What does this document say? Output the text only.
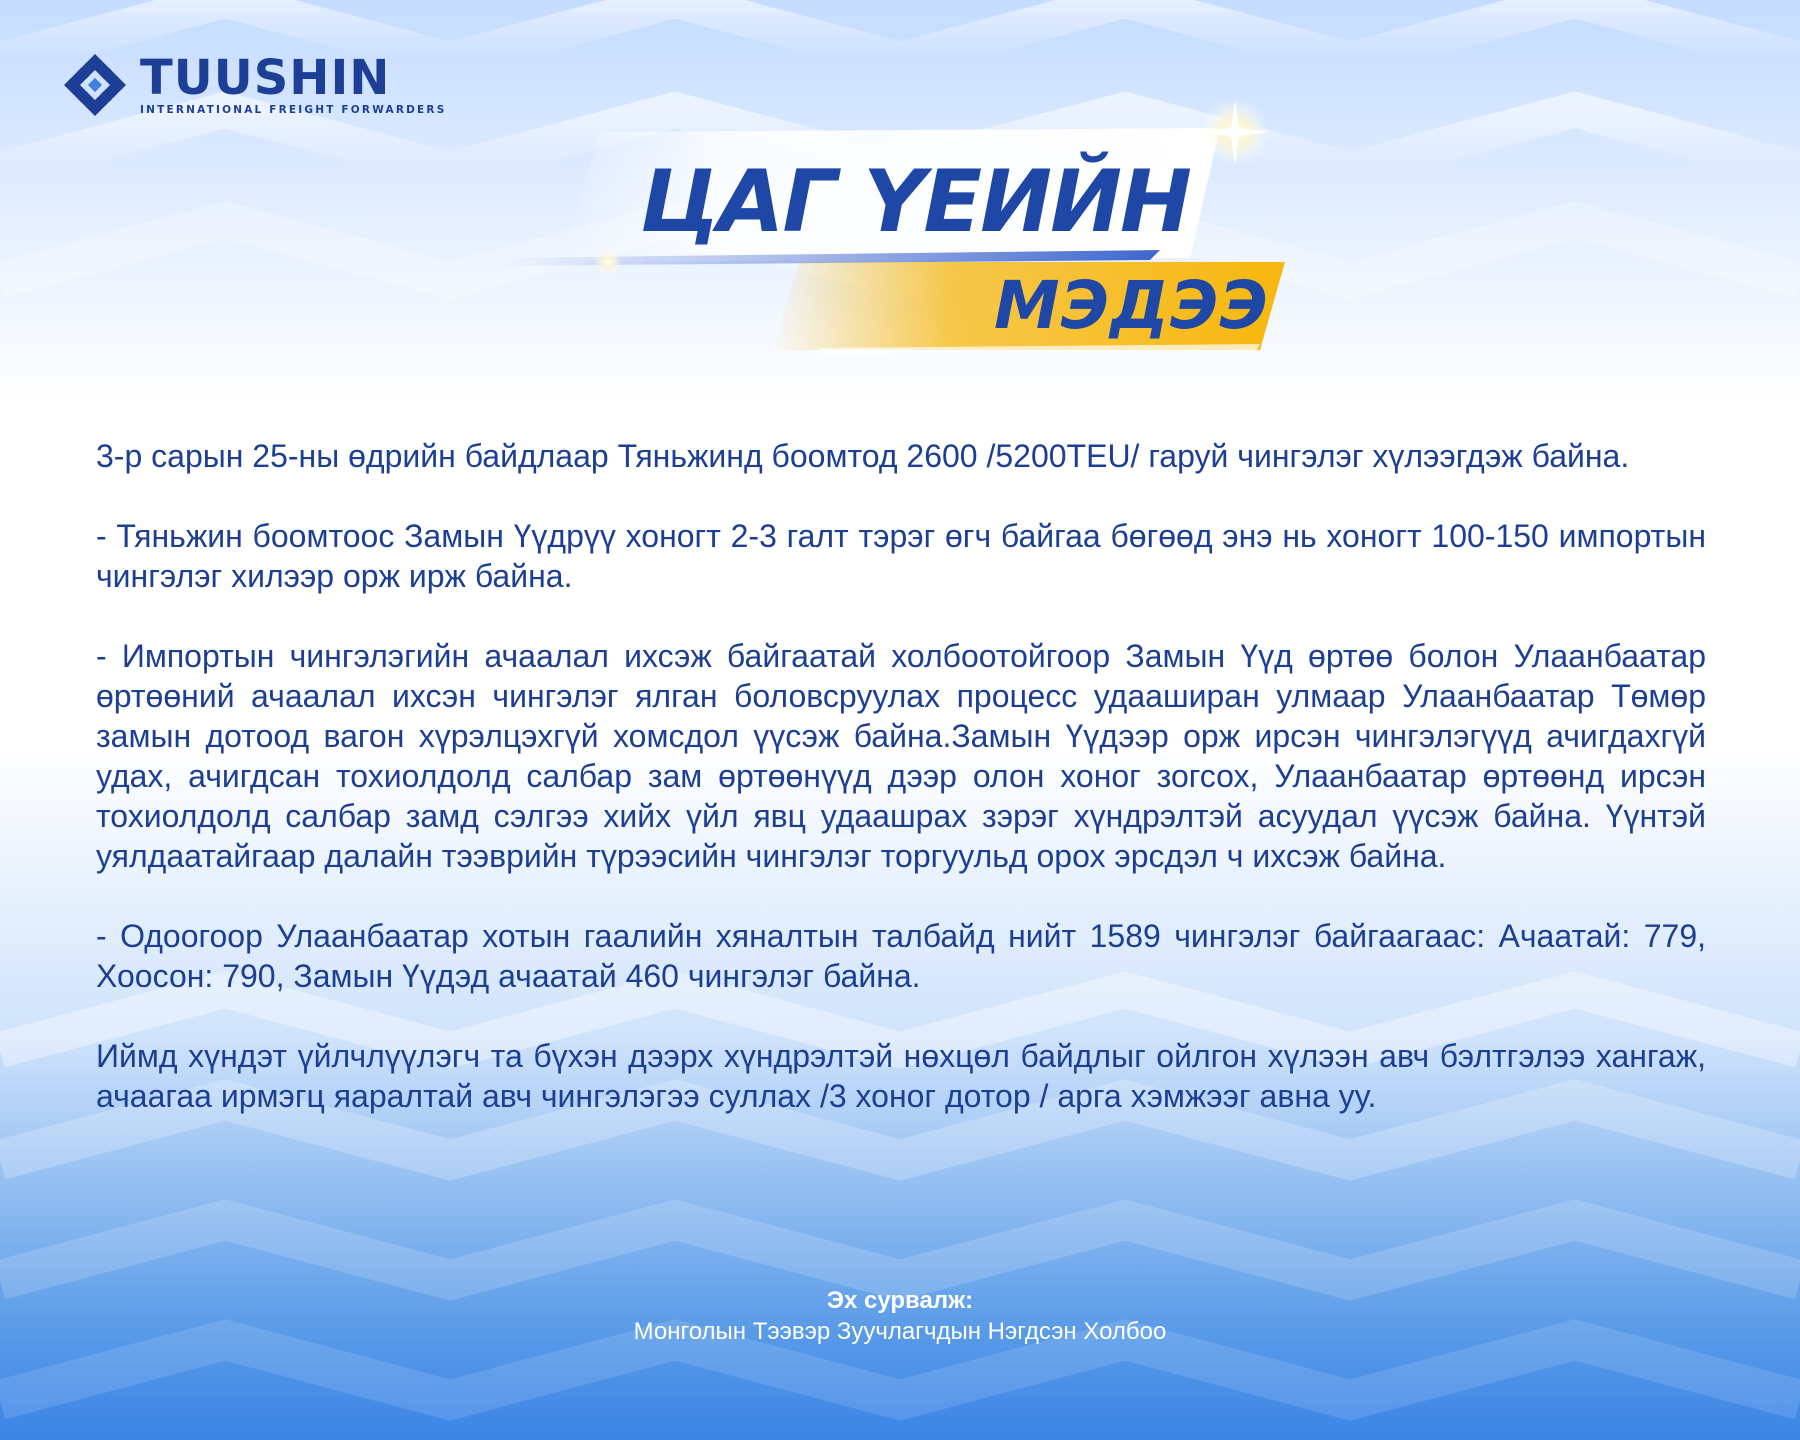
TUUSHIN
INTERNATIONAL FREIGHT FORWARDERS
ЦАГ ҮЕИЙН
МЭДЭЭ

3-р сарын 25-ны өдрийн байдлаар Тяньжинд боомтод 2600 /5200TEU/ гаруй чингэлэг хүлээгдэж байна.

- Тяньжин боомтоос Замын Үүдрүү хоногт 2-3 галт тэрэг өгч байгаа бөгөөд энэ нь хоногт 100-150 импортын чингэлэг хилээр орж ирж байна.

- Импортын чингэлэгийн ачаалал ихсэж байгаатай холбоотойгоор Замын Үүд өртөө болон Улаанбаатар өртөөний ачаалал ихсэн чингэлэг ялган боловсруулах процесс удааширан улмаар Улаанбаатар Төмөр замын дотоод вагон хүрэлцэхгүй хомсдол үүсэж байна.Замын Үүдээр орж ирсэн чингэлэгүүд ачигдахгүй удах, ачигдсан тохиолдолд салбар зам өртөөнүүд дээр олон хоног зогсох, Улаанбаатар өртөөнд ирсэн тохиолдолд салбар замд сэлгээ хийх үйл явц удаашрах зэрэг хүндрэлтэй асуудал үүсэж байна. Үүнтэй уялдаатайгаар далайн тээврийн түрээсийн чингэлэг торгуульд орох эрсдэл ч ихсэж байна.

- Одоогоор Улаанбаатар хотын гаалийн хяналтын талбайд нийт 1589 чингэлэг байгаагаас: Ачаатай: 779, Хоосон: 790, Замын Үүдэд ачаатай 460 чингэлэг байна.

Иймд хүндэт үйлчлүүлэгч та бүхэн дээрх хүндрэлтэй нөхцөл байдлыг ойлгон хүлээн авч бэлтгэлээ хангаж, ачаагаа ирмэгц яаралтай авч чингэлэгээ суллах /3 хоног дотор / арга хэмжээг авна уу.

Эх сурвалж:
Монголын Тээвэр Зуучлагчдын Нэгдсэн Холбоо
